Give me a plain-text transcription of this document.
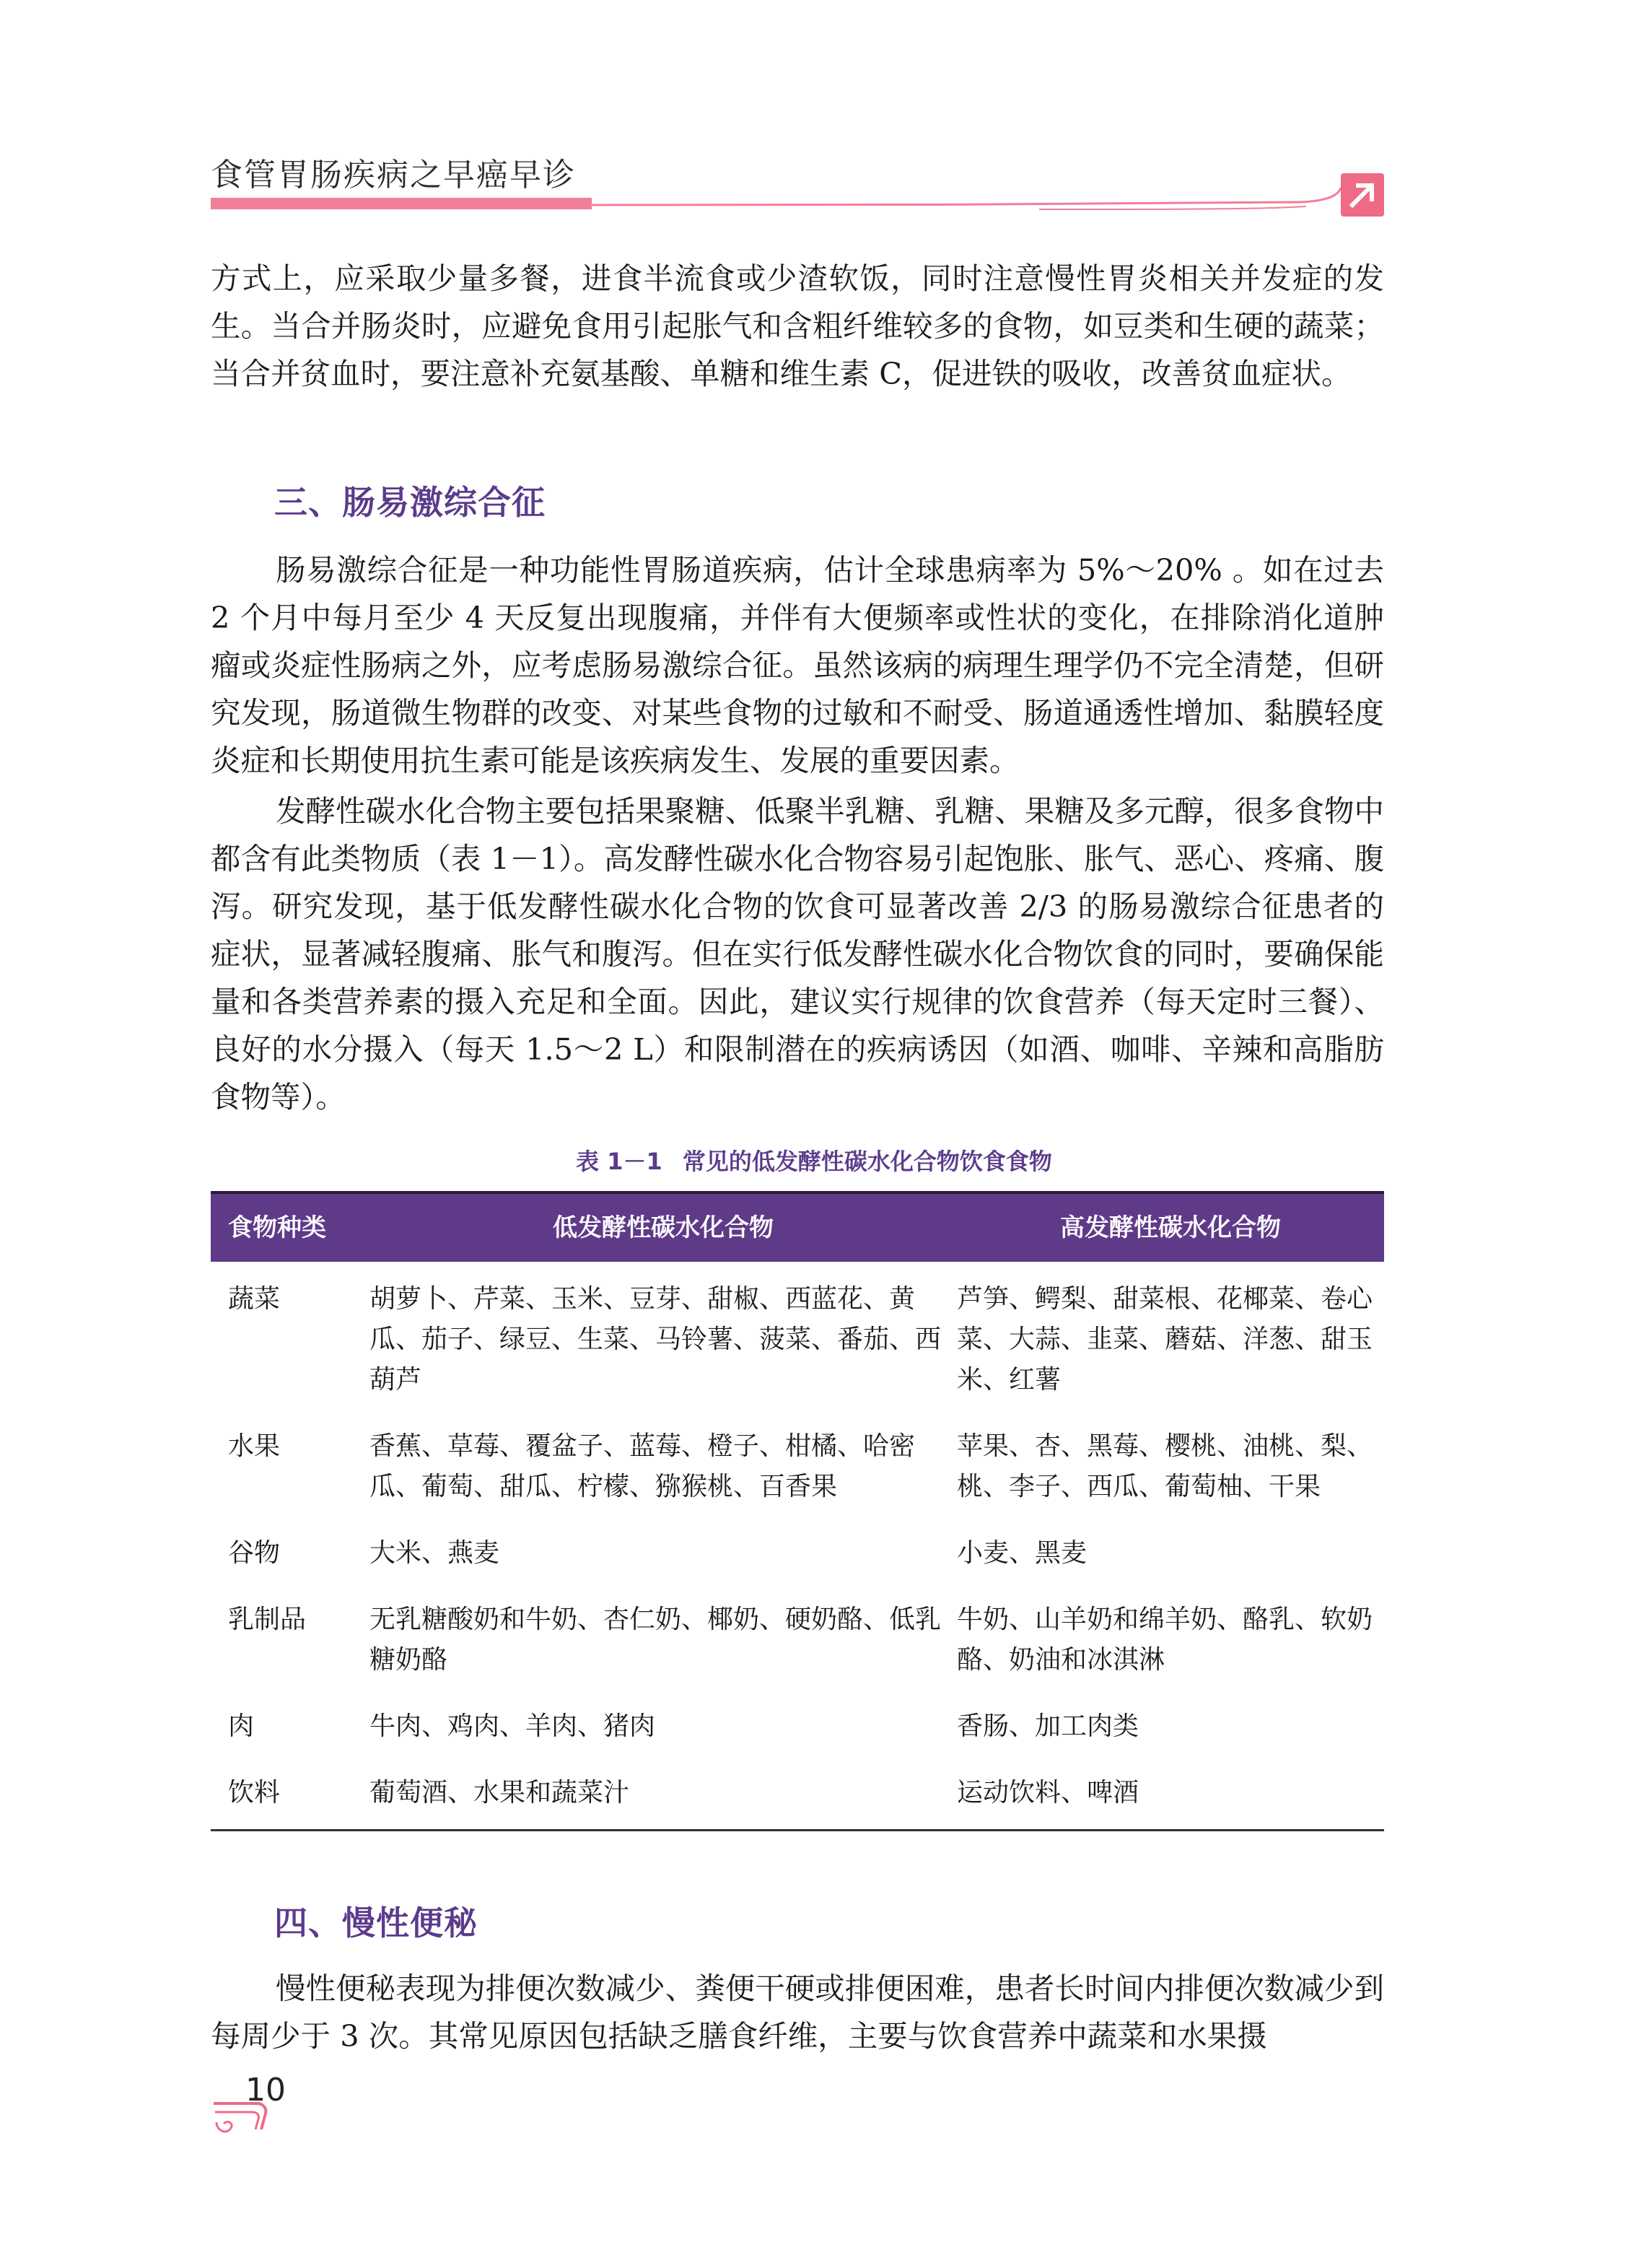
食管胃肠疾病之早癌早诊

方式上，应采取少量多餐，进食半流食或少渣软饭，同时注意慢性胃炎相关并发症的发生。当合并肠炎时，应避免食用引起胀气和含粗纤维较多的食物，如豆类和生硬的蔬菜；当合并贫血时，要注意补充氨基酸、单糖和维生素 C，促进铁的吸收，改善贫血症状。

三、肠易激综合征

肠易激综合征是一种功能性胃肠道疾病，估计全球患病率为 5%～20% 。如在过去 2 个月中每月至少 4 天反复出现腹痛，并伴有大便频率或性状的变化，在排除消化道肿瘤或炎症性肠病之外，应考虑肠易激综合征。虽然该病的病理生理学仍不完全清楚，但研究发现，肠道微生物群的改变、对某些食物的过敏和不耐受、肠道通透性增加、黏膜轻度炎症和长期使用抗生素可能是该疾病发生、发展的重要因素。

发酵性碳水化合物主要包括果聚糖、低聚半乳糖、乳糖、果糖及多元醇，很多食物中都含有此类物质（表 1－1）。高发酵性碳水化合物容易引起饱胀、胀气、恶心、疼痛、腹泻。研究发现，基于低发酵性碳水化合物的饮食可显著改善 2/3 的肠易激综合征患者的症状，显著减轻腹痛、胀气和腹泻。但在实行低发酵性碳水化合物饮食的同时，要确保能量和各类营养素的摄入充足和全面。因此，建议实行规律的饮食营养（每天定时三餐）、良好的水分摄入（每天 1.5～2 L）和限制潜在的疾病诱因（如酒、咖啡、辛辣和高脂肪食物等）。

表 1－1 常见的低发酵性碳水化合物饮食食物
食物种类	低发酵性碳水化合物	高发酵性碳水化合物
蔬菜	胡萝卜、芹菜、玉米、豆芽、甜椒、西蓝花、黄瓜、茄子、绿豆、生菜、马铃薯、菠菜、番茄、西葫芦	芦笋、鳄梨、甜菜根、花椰菜、卷心菜、大蒜、韭菜、蘑菇、洋葱、甜玉米、红薯
水果	香蕉、草莓、覆盆子、蓝莓、橙子、柑橘、哈密瓜、葡萄、甜瓜、柠檬、猕猴桃、百香果	苹果、杏、黑莓、樱桃、油桃、梨、桃、李子、西瓜、葡萄柚、干果
谷物	大米、燕麦	小麦、黑麦
乳制品	无乳糖酸奶和牛奶、杏仁奶、椰奶、硬奶酪、低乳糖奶酪	牛奶、山羊奶和绵羊奶、酪乳、软奶酪、奶油和冰淇淋
肉	牛肉、鸡肉、羊肉、猪肉	香肠、加工肉类
饮料	葡萄酒、水果和蔬菜汁	运动饮料、啤酒
四、慢性便秘

慢性便秘表现为排便次数减少、粪便干硬或排便困难，患者长时间内排便次数减少到每周少于 3 次。其常见原因包括缺乏膳食纤维，主要与饮食营养中蔬菜和水果摄

10
